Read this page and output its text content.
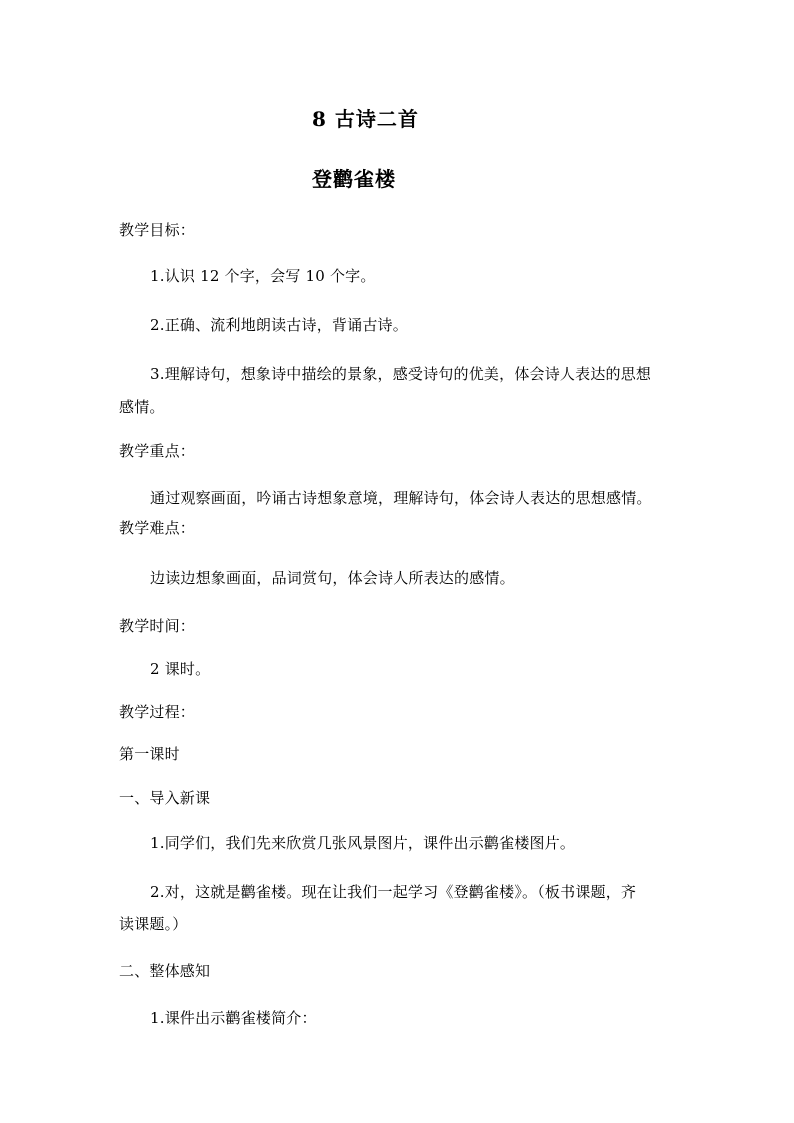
8 古诗二首
登鹳雀楼
教学目标：
1.认识 12 个字，会写 10 个字。
2.正确、流利地朗读古诗，背诵古诗。
3.理解诗句，想象诗中描绘的景象，感受诗句的优美，体会诗人表达的思想
感情。
教学重点：
通过观察画面，吟诵古诗想象意境，理解诗句，体会诗人表达的思想感情。
教学难点：
边读边想象画面，品词赏句，体会诗人所表达的感情。
教学时间：
2 课时。
教学过程：
第一课时
一、导入新课
1.同学们，我们先来欣赏几张风景图片，课件出示鹳雀楼图片。
2.对，这就是鹳雀楼。现在让我们一起学习《登鹳雀楼》。（板书课题，齐
读课题。）
二、整体感知
1.课件出示鹳雀楼简介：
